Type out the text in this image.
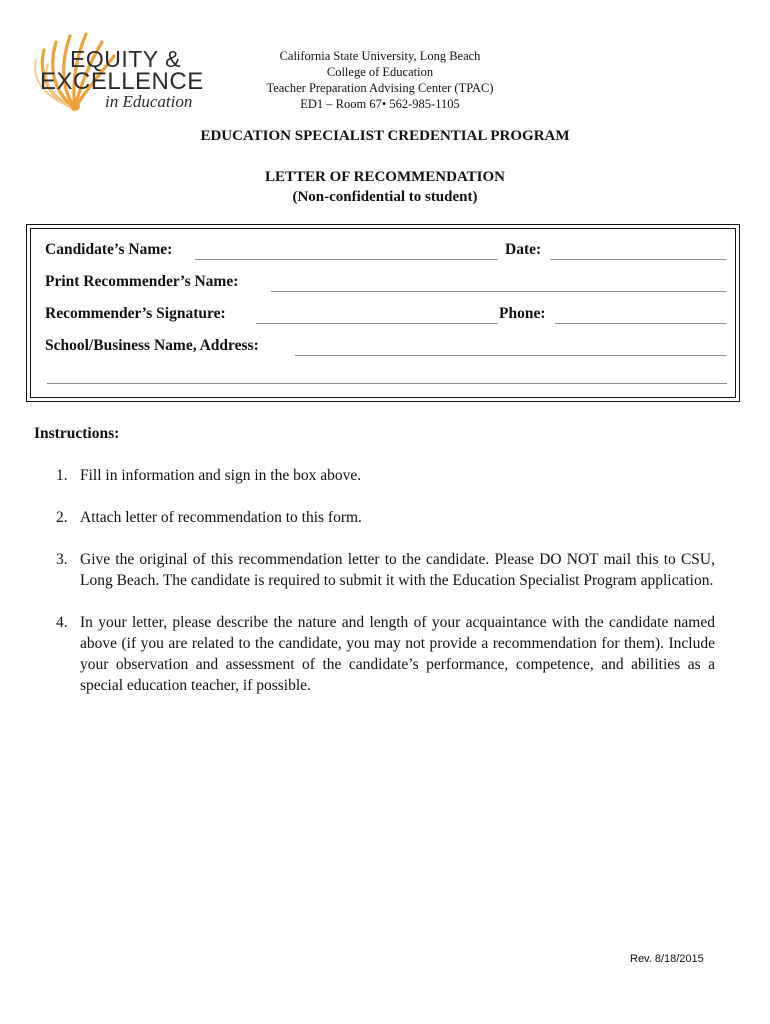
EQUITY &
EXCELLENCE
in Education
California State University, Long Beach
College of Education
Teacher Preparation Advising Center (TPAC)
ED1 – Room 67• 562-985-1105
EDUCATION SPECIALIST CREDENTIAL PROGRAM
LETTER OF RECOMMENDATION
(Non-confidential to student)
Candidate’s Name:	Date:
Print Recommender’s Name:
Recommender’s Signature:	Phone:
School/Business Name, Address:
Instructions:
1. Fill in information and sign in the box above.
2. Attach letter of recommendation to this form.
3. Give the original of this recommendation letter to the candidate. Please DO NOT mail this to CSU, Long Beach. The candidate is required to submit it with the Education Specialist Program application.
4. In your letter, please describe the nature and length of your acquaintance with the candidate named above (if you are related to the candidate, you may not provide a recommendation for them). Include your observation and assessment of the candidate’s performance, competence, and abilities as a special education teacher, if possible.
Rev. 8/18/2015
